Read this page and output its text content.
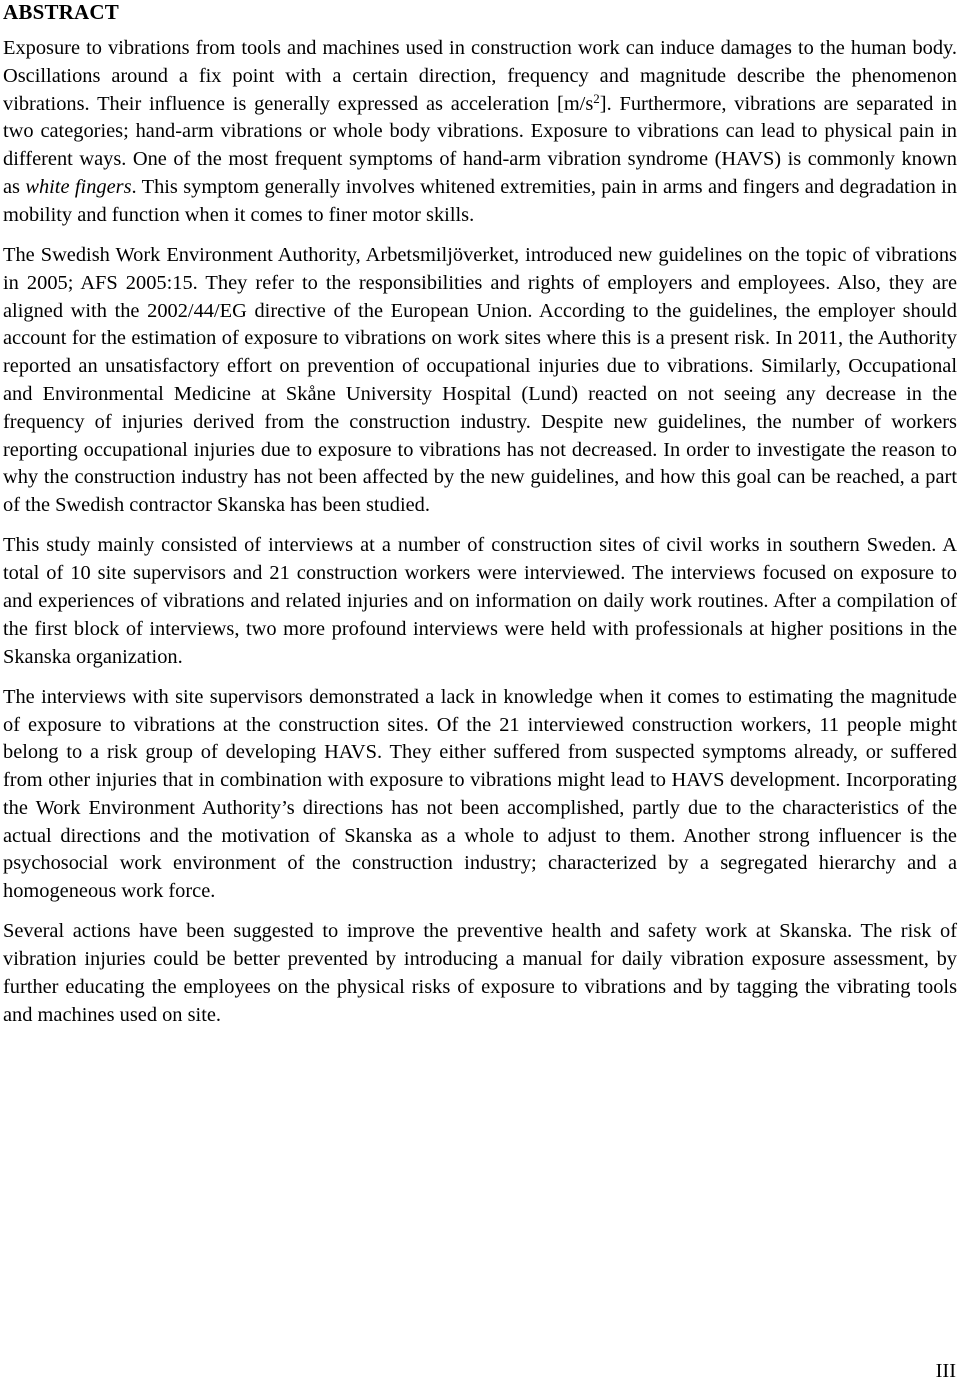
ABSTRACT

Exposure to vibrations from tools and machines used in construction work can induce damages to the human body. Oscillations around a fix point with a certain direction, frequency and magnitude describe the phenomenon vibrations. Their influence is generally expressed as acceleration $[m/s^2]$. Furthermore, vibrations are separated in two categories; hand-arm vibrations or whole body vibrations. Exposure to vibrations can lead to physical pain in different ways. One of the most frequent symptoms of hand-arm vibration syndrome (HAVS) is commonly known as white fingers. This symptom generally involves whitened extremities, pain in arms and fingers and degradation in mobility and function when it comes to finer motor skills.

The Swedish Work Environment Authority, Arbetsmiljöverket, introduced new guidelines on the topic of vibrations in 2005; AFS 2005:15. They refer to the responsibilities and rights of employers and employees. Also, they are aligned with the 2002/44/EG directive of the European Union. According to the guidelines, the employer should account for the estimation of exposure to vibrations on work sites where this is a present risk. In 2011, the Authority reported an unsatisfactory effort on prevention of occupational injuries due to vibrations. Similarly, Occupational and Environmental Medicine at Skåne University Hospital (Lund) reacted on not seeing any decrease in the frequency of injuries derived from the construction industry. Despite new guidelines, the number of workers reporting occupational injuries due to exposure to vibrations has not decreased. In order to investigate the reason to why the construction industry has not been affected by the new guidelines, and how this goal can be reached, a part of the Swedish contractor Skanska has been studied.

This study mainly consisted of interviews at a number of construction sites of civil works in southern Sweden. A total of 10 site supervisors and 21 construction workers were interviewed. The interviews focused on exposure to and experiences of vibrations and related injuries and on information on daily work routines. After a compilation of the first block of interviews, two more profound interviews were held with professionals at higher positions in the Skanska organization.

The interviews with site supervisors demonstrated a lack in knowledge when it comes to estimating the magnitude of exposure to vibrations at the construction sites. Of the 21 interviewed construction workers, 11 people might belong to a risk group of developing HAVS. They either suffered from suspected symptoms already, or suffered from other injuries that in combination with exposure to vibrations might lead to HAVS development. Incorporating the Work Environment Authority’s directions has not been accomplished, partly due to the characteristics of the actual directions and the motivation of Skanska as a whole to adjust to them. Another strong influencer is the psychosocial work environment of the construction industry; characterized by a segregated hierarchy and a homogeneous work force.

Several actions have been suggested to improve the preventive health and safety work at Skanska. The risk of vibration injuries could be better prevented by introducing a manual for daily vibration exposure assessment, by further educating the employees on the physical risks of exposure to vibrations and by tagging the vibrating tools and machines used on site.

III
